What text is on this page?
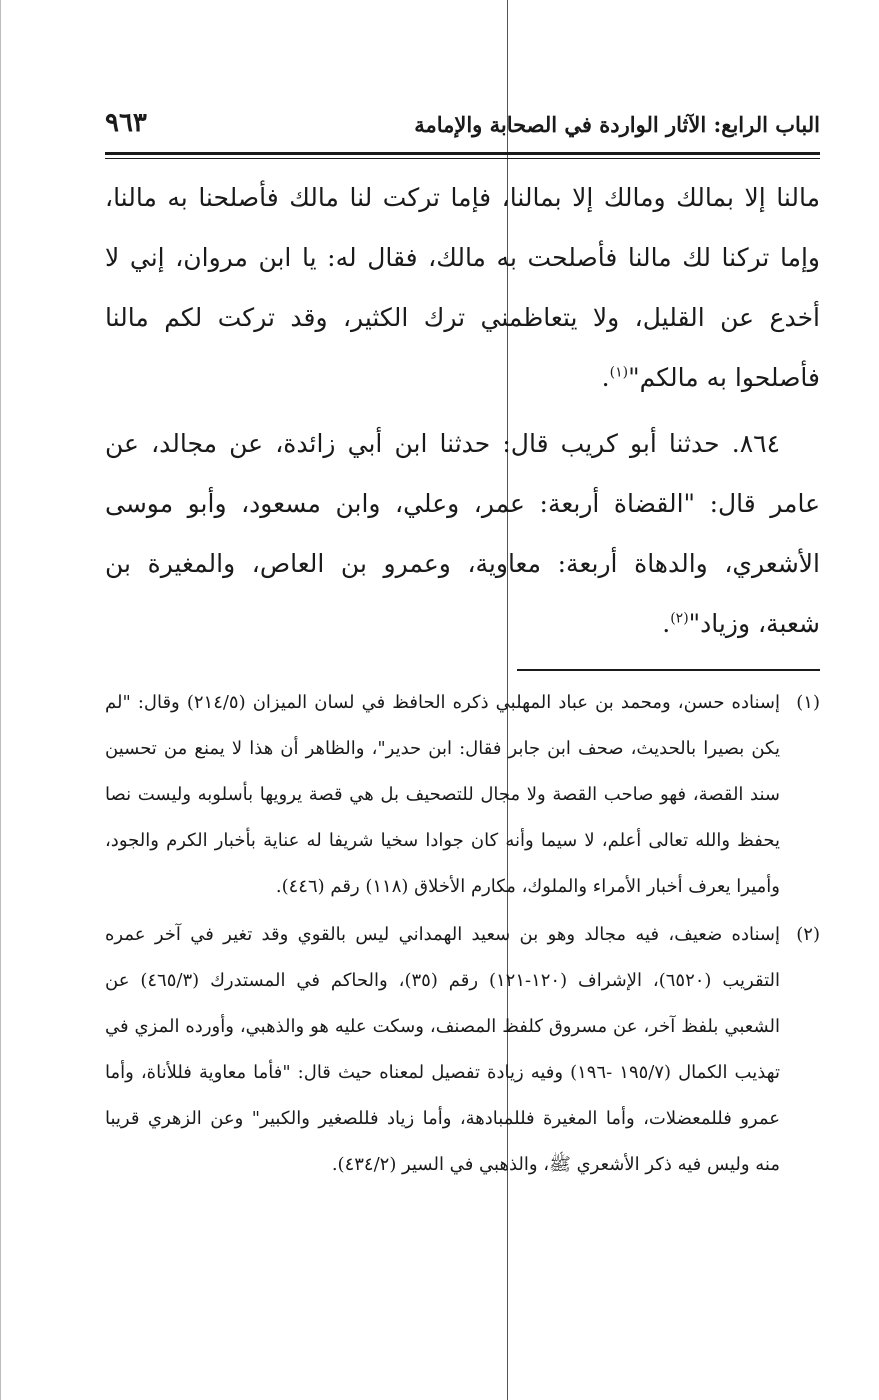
الباب الرابع: الآثار الواردة في الصحابة والإمامة
٩٦٣

مالنا إلا بمالك ومالك إلا بمالنا، فإما تركت لنا مالك فأصلحنا به مالنا، وإما تركنا لك مالنا فأصلحت به مالك، فقال له: يا ابن مروان، إني لا أخدع عن القليل، ولا يتعاظمني ترك الكثير، وقد تركت لكم مالنا فأصلحوا به مالكم"$^{(١)}$.

٨٦٤. حدثنا أبو كريب قال: حدثنا ابن أبي زائدة، عن مجالد، عن عامر قال: "القضاة أربعة: عمر، وعلي، وابن مسعود، وأبو موسى الأشعري، والدهاة أربعة: معاوية، وعمرو بن العاص، والمغيرة بن شعبة، وزياد"$^{(٢)}$.

(١)
إسناده حسن، ومحمد بن عباد المهلبي ذكره الحافظ في لسان الميزان (٢١٤/٥) وقال: "لم يكن بصيرا بالحديث، صحف ابن جابر فقال: ابن حدير"، والظاهر أن هذا لا يمنع من تحسين سند القصة، فهو صاحب القصة ولا مجال للتصحيف بل هي قصة يرويها بأسلوبه وليست نصا يحفظ والله تعالى أعلم، لا سيما وأنه كان جوادا سخيا شريفا له عناية بأخبار الكرم والجود، وأميرا يعرف أخبار الأمراء والملوك، مكارم الأخلاق (١١٨) رقم (٤٤٦).

(٢)
إسناده ضعيف، فيه مجالد وهو بن سعيد الهمداني ليس بالقوي وقد تغير في آخر عمره التقريب (٦٥٢٠)، الإشراف (١٢٠-١٢١) رقم (٣٥)، والحاكم في المستدرك (٤٦٥/٣) عن الشعبي بلفظ آخر، عن مسروق كلفظ المصنف، وسكت عليه هو والذهبي، وأورده المزي في تهذيب الكمال (١٩٥/٧ -١٩٦) وفيه زيادة تفصيل لمعناه حيث قال: "فأما معاوية فللأناة، وأما عمرو فللمعضلات، وأما المغيرة فللمبادهة، وأما زياد فللصغير والكبير" وعن الزهري قريبا منه وليس فيه ذكر الأشعري ﷺ، والذهبي في السير (٤٣٤/٢).
